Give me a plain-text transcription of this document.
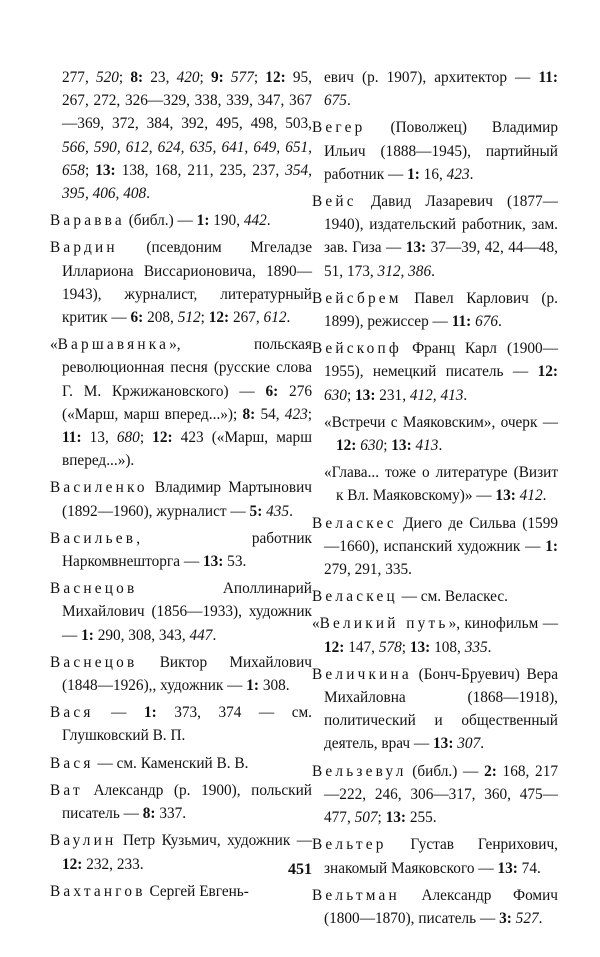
277, 520; 8: 23, 420; 9: 577; 12: 95, 267, 272, 326—329, 338, 339, 347, 367—369, 372, 384, 392, 495, 498, 503, 566, 590, 612, 624, 635, 641, 649, 651, 658; 13: 138, 168, 211, 235, 237, 354, 395, 406, 408.

Варавва (библ.) — 1: 190, 442.

Вардин (псевдоним Мгеладзе Иллариона Виссарионовича, 1890—1943), журналист, литературный критик — 6: 208, 512; 12: 267, 612.

«Варшавянка», польская революционная песня (русские слова Г. М. Кржижановского) — 6: 276 («Марш, марш вперед...»); 8: 54, 423; 11: 13, 680; 12: 423 («Марш, марш вперед...»).

Василенко Владимир Мартынович (1892—1960), журналист — 5: 435.

Васильев, работник Наркомвнешторга — 13: 53.

Васнецов Аполлинарий Михайлович (1856—1933), художник — 1: 290, 308, 343, 447.

Васнецов Виктор Михайлович (1848—1926),, художник — 1: 308.

Вася — 1: 373, 374 — см. Глушковский В. П.

Вася — см. Каменский В. В.

Ват Александр (р. 1900), польский писатель — 8: 337.

Ваулин Петр Кузьмич, художник — 12: 232, 233.

Вахтангов Сергей Евгень-

евич (р. 1907), архитектор — 11: 675.

Вегер (Поволжец) Владимир Ильич (1888—1945), партийный работник — 1: 16, 423.

Вейс Давид Лазаревич (1877—1940), издательский работник, зам. зав. Гиза — 13: 37—39, 42, 44—48, 51, 173, 312, 386.

Вейсбрем Павел Карлович (р. 1899), режиссер — 11: 676.

Вейскопф Франц Карл (1900—1955), немецкий писатель — 12: 630; 13: 231, 412, 413.

«Встречи с Маяковским», очерк — 12: 630; 13: 413.

«Глава... тоже о литературе (Визит к Вл. Маяковскому)» — 13: 412.

Веласкес Диего де Сильва (1599—1660), испанский художник — 1: 279, 291, 335.

Веласкец — см. Веласкес.

«Великий путь», кинофильм — 12: 147, 578; 13: 108, 335.

Величкина (Бонч-Бруевич) Вера Михайловна (1868—1918), политический и общественный деятель, врач — 13: 307.

Вельзевул (библ.) — 2: 168, 217—222, 246, 306—317, 360, 475—477, 507; 13: 255.

Вельтер Густав Генрихович, знакомый Маяковского — 13: 74.

Вельтман Александр Фомич (1800—1870), писатель — 3: 527.

451
